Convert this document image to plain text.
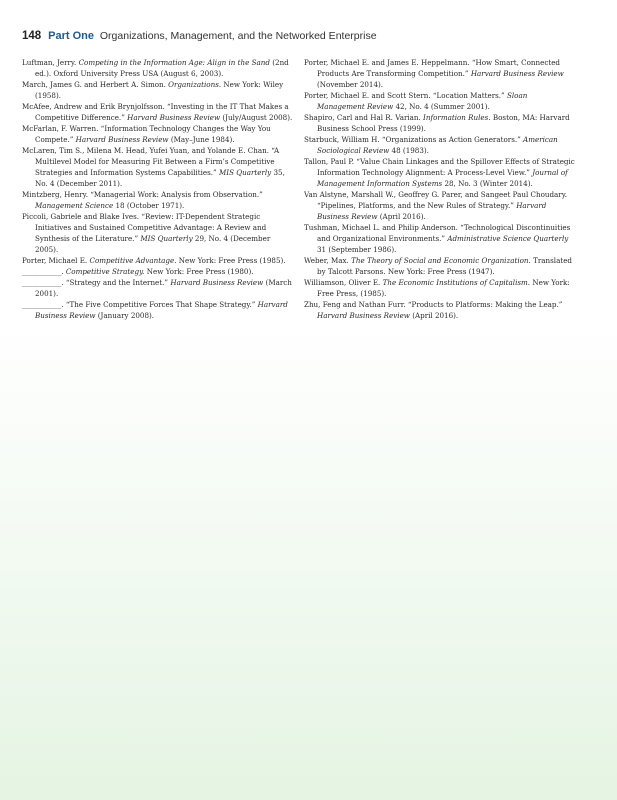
148 Part One Organizations, Management, and the Networked Enterprise

Luftman, Jerry. Competing in the Information Age: Align in the Sand (2nd ed.). Oxford University Press USA (August 6, 2003).

March, James G. and Herbert A. Simon. Organizations. New York: Wiley (1958).

McAfee, Andrew and Erik Brynjolfsson. “Investing in the IT That Makes a Competitive Difference.” Harvard Business Review (July/August 2008).

McFarlan, F. Warren. “Information Technology Changes the Way You Compete.” Harvard Business Review (May–June 1984).

McLaren, Tim S., Milena M. Head, Yufei Yuan, and Yolande E. Chan. “A Multilevel Model for Measuring Fit Between a Firm’s Competitive Strategies and Information Systems Capabilities.” MIS Quarterly 35, No. 4 (December 2011).

Mintzberg, Henry. “Managerial Work: Analysis from Observation.” Management Science 18 (October 1971).

Piccoli, Gabriele and Blake Ives. “Review: IT-Dependent Strategic Initiatives and Sustained Competitive Advantage: A Review and Synthesis of the Literature.” MIS Quarterly 29, No. 4 (December 2005).

Porter, Michael E. Competitive Advantage. New York: Free Press (1985).

___________. Competitive Strategy. New York: Free Press (1980).

___________. “Strategy and the Internet.” Harvard Business Review (March 2001).

___________. “The Five Competitive Forces That Shape Strategy.” Harvard Business Review (January 2008).

Porter, Michael E. and James E. Heppelmann. “How Smart, Connected Products Are Transforming Competition.” Harvard Business Review (November 2014).

Porter, Michael E. and Scott Stern. “Location Matters.” Sloan Management Review 42, No. 4 (Summer 2001).

Shapiro, Carl and Hal R. Varian. Information Rules. Boston, MA: Harvard Business School Press (1999).

Starbuck, William H. “Organizations as Action Generators.” American Sociological Review 48 (1983).

Tallon, Paul P. “Value Chain Linkages and the Spillover Effects of Strategic Information Technology Alignment: A Process-Level View.” Journal of Management Information Systems 28, No. 3 (Winter 2014).

Van Alstyne, Marshall W., Geoffrey G. Parer, and Sangeet Paul Choudary. “Pipelines, Platforms, and the New Rules of Strategy.” Harvard Business Review (April 2016).

Tushman, Michael L. and Philip Anderson. “Technological Discontinuities and Organizational Environments.” Administrative Science Quarterly 31 (September 1986).

Weber, Max. The Theory of Social and Economic Organization. Translated by Talcott Parsons. New York: Free Press (1947).

Williamson, Oliver E. The Economic Institutions of Capitalism. New York: Free Press, (1985).

Zhu, Feng and Nathan Furr. “Products to Platforms: Making the Leap.” Harvard Business Review (April 2016).
